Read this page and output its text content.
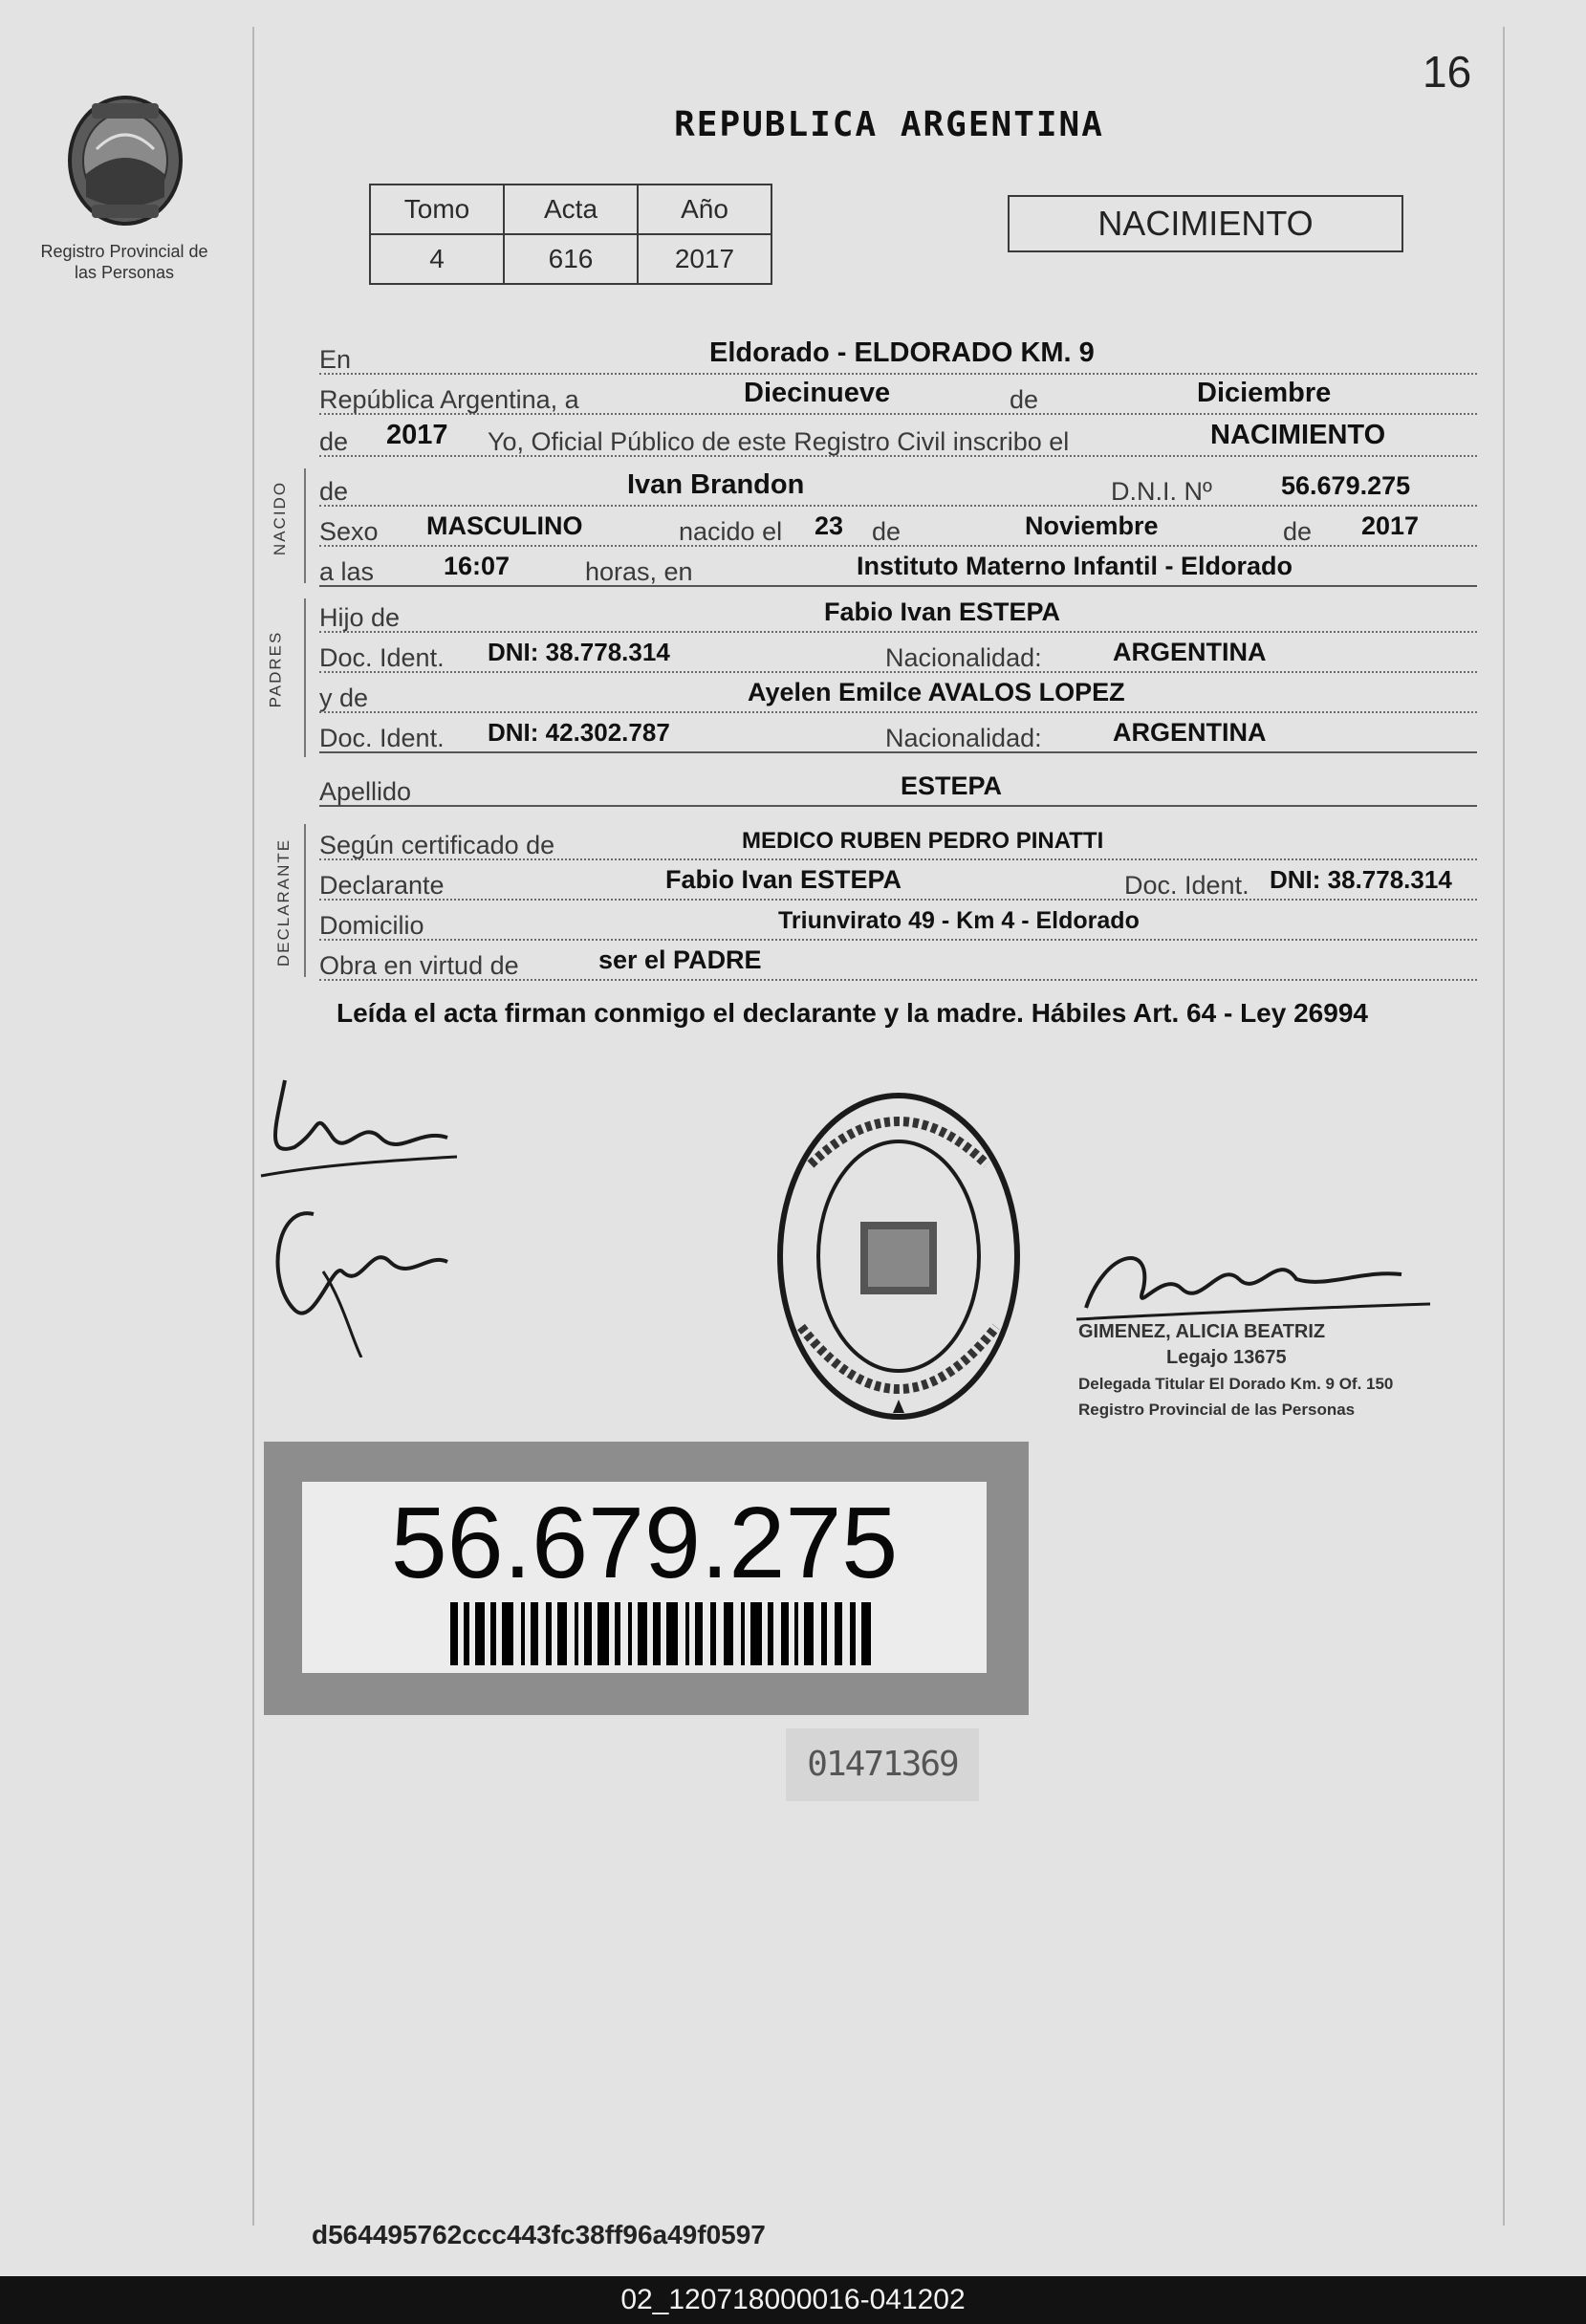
16
Registro Provincial de las Personas
REPUBLICA ARGENTINA
Tomo	Acta	Año
4	616	2017
NACIMIENTO
En	Eldorado - ELDORADO KM. 9
República Argentina, a	Diecinueve	de	Diciembre
de 2017 Yo, Oficial Público de este Registro Civil inscribo el	NACIMIENTO
NACIDO de	Ivan Brandon	D.N.I. Nº	56.679.275
Sexo MASCULINO	nacido el 23 de	Noviembre	de 2017
a las	16:07	horas, en	Instituto Materno Infantil - Eldorado
PADRES
Hijo de	Fabio Ivan ESTEPA
Doc. Ident. DNI: 38.778.314	Nacionalidad:	ARGENTINA
y de	Ayelen Emilce AVALOS LOPEZ
Doc. Ident. DNI: 42.302.787	Nacionalidad:	ARGENTINA
Apellido	ESTEPA
DECLARANTE Según certificado de	MEDICO RUBEN PEDRO PINATTI
Declarante	Fabio Ivan ESTEPA	Doc. Ident. DNI: 38.778.314
Domicilio	Triunvirato 49 - Km 4 - Eldorado
Obra en virtud de	ser el PADRE
Leída el acta firman conmigo el declarante y la madre. Hábiles Art. 64 - Ley 26994
GIMENEZ, ALICIA BEATRIZ
Legajo 13675
Delegada Titular El Dorado Km. 9 Of. 150
Registro Provincial de las Personas
56.679.275
01471369
d564495762ccc443fc38ff96a49f0597
02_120718000016-041202
